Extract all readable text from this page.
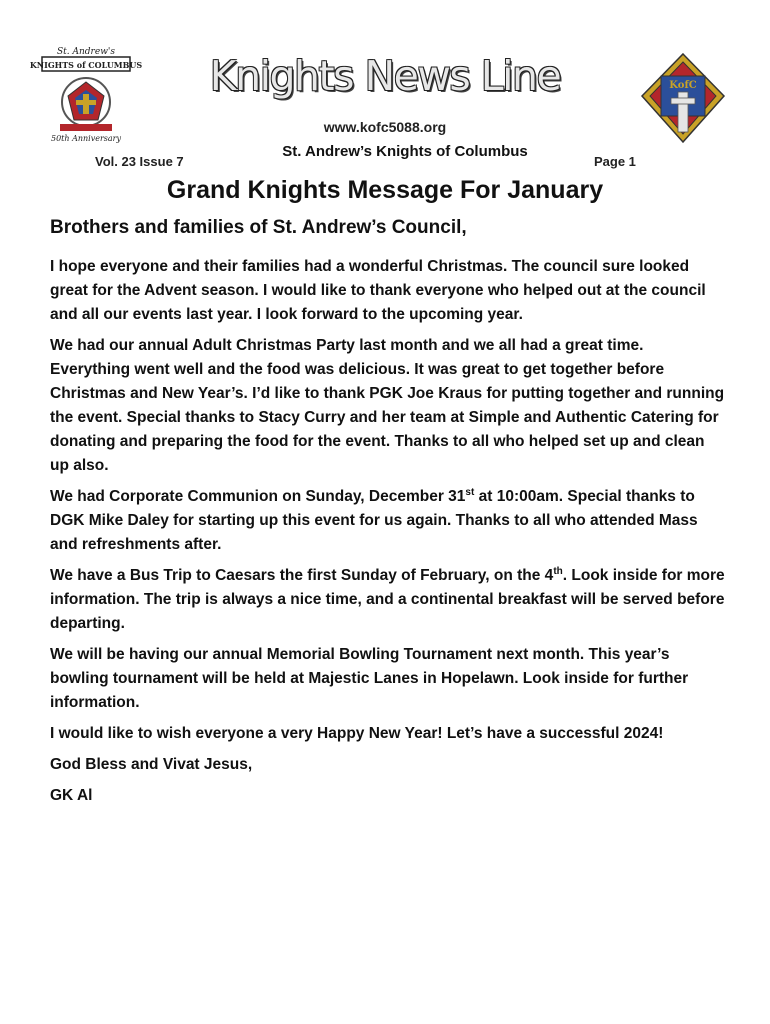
St. Andrew's
KNIGHTS of COLUMBUS
50th Anniversary
Knights News Line
www.kofc5088.org
Vol. 23 Issue 7
St. Andrew’s Knights of Columbus
Page 1
KofC
Grand Knights Message For January
Brothers and families of St. Andrew’s Council,

I hope everyone and their families had a wonderful Christmas. The council sure looked great for the Advent season. I would like to thank everyone who helped out at the council and all our events last year. I look forward to the upcoming year.

We had our annual Adult Christmas Party last month and we all had a great time. Everything went well and the food was delicious. It was great to get together before Christmas and New Year’s. I’d like to thank PGK Joe Kraus for putting together and running the event. Special thanks to Stacy Curry and her team at Simple and Authentic Catering for donating and preparing the food for the event. Thanks to all who helped set up and clean up also.

We had Corporate Communion on Sunday, December 31st at 10:00am. Special thanks to DGK Mike Daley for starting up this event for us again. Thanks to all who attended Mass and refreshments after.

We have a Bus Trip to Caesars the first Sunday of February, on the 4th. Look inside for more information. The trip is always a nice time, and a continental breakfast will be served before departing.

We will be having our annual Memorial Bowling Tournament next month. This year’s bowling tournament will be held at Majestic Lanes in Hopelawn. Look inside for further information.

I would like to wish everyone a very Happy New Year! Let’s have a successful 2024!

God Bless and Vivat Jesus,

GK Al
